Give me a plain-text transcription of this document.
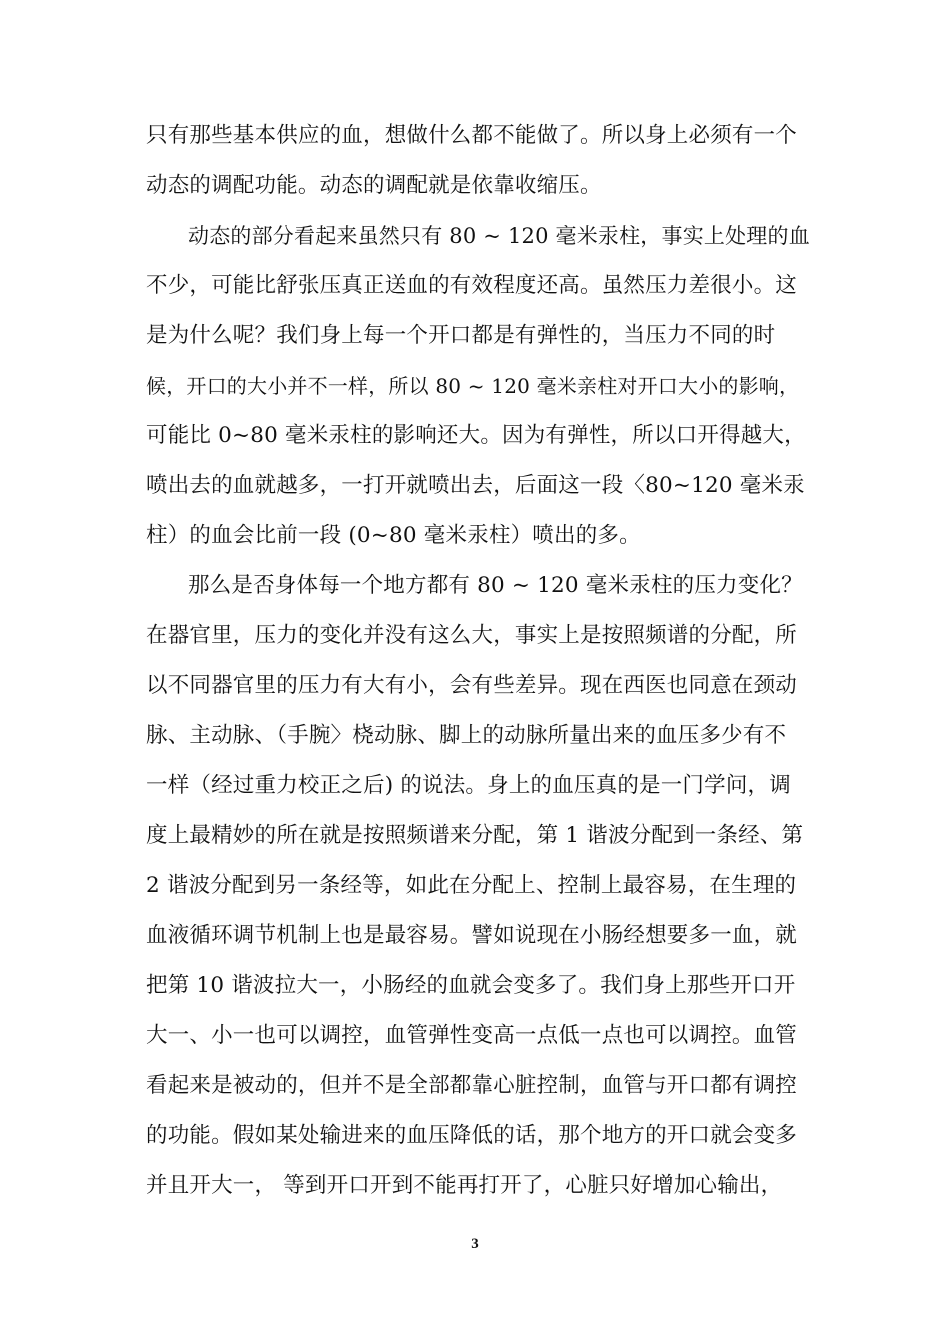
只有那些基本供应的血，想做什么都不能做了。所以身上必须有一个
动态的调配功能。动态的调配就是依靠收缩压。
动态的部分看起来虽然只有 80 ~ 120 毫米汞柱，事实上处理的血
不少，可能比舒张压真正送血的有效程度还高。虽然压力差很小。这
是为什么呢？我们身上每一个开口都是有弹性的，当压力不同的时
候，开口的大小并不一样，所以 80 ~ 120 毫米亲柱对开口大小的影响，
可能比 0~80 毫米汞柱的影响还大。因为有弹性，所以口开得越大，
喷出去的血就越多，一打开就喷出去，后面这一段〈80~120 毫米汞
柱）的血会比前一段 (0~80 毫米汞柱）喷出的多。
那么是否身体每一个地方都有 80 ~ 120 毫米汞柱的压力变化？
在器官里，压力的变化并没有这么大，事实上是按照频谱的分配，所
以不同器官里的压力有大有小，会有些差异。现在西医也同意在颈动
脉、主动脉、（手腕〉桡动脉、脚上的动脉所量出来的血压多少有不
一样（经过重力校正之后) 的说法。身上的血压真的是一门学问，调
度上最精妙的所在就是按照频谱来分配，第 1 谐波分配到一条经、第
2 谐波分配到另一条经等，如此在分配上、控制上最容易，在生理的
血液循环调节机制上也是最容易。譬如说现在小肠经想要多一血，就
把第 10 谐波拉大一，小肠经的血就会变多了。我们身上那些开口开
大一、小一也可以调控，血管弹性变高一点低一点也可以调控。血管
看起来是被动的，但并不是全部都靠心脏控制，血管与开口都有调控
的功能。假如某处输进来的血压降低的话，那个地方的开口就会变多
并且开大一， 等到开口开到不能再打开了，心脏只好增加心输出，
3
